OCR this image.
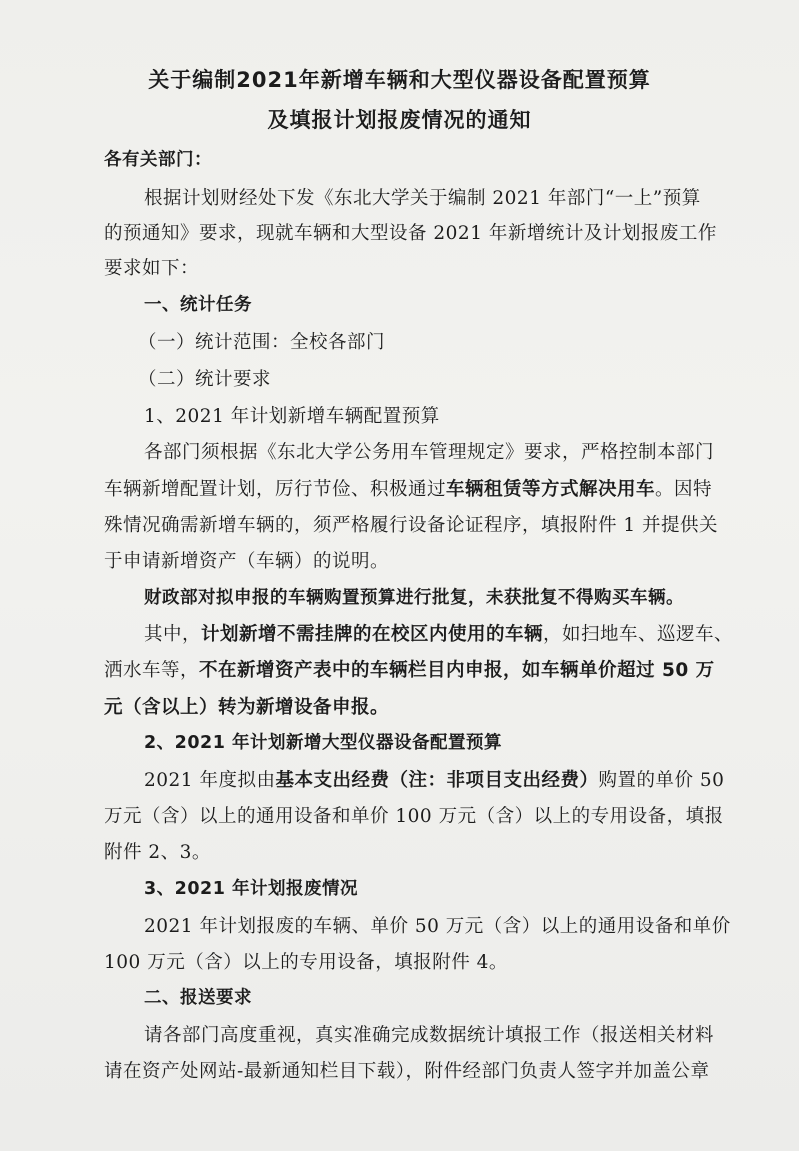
关于编制2021年新增车辆和大型仪器设备配置预算
及填报计划报废情况的通知
各有关部门：
根据计划财经处下发《东北大学关于编制 2021 年部门“一上”预算
的预通知》要求，现就车辆和大型设备 2021 年新增统计及计划报废工作
要求如下：
一、统计任务
（一）统计范围：全校各部门
（二）统计要求
1、2021 年计划新增车辆配置预算
各部门须根据《东北大学公务用车管理规定》要求，严格控制本部门
车辆新增配置计划，厉行节俭、积极通过车辆租赁等方式解决用车。因特
殊情况确需新增车辆的，须严格履行设备论证程序，填报附件 1 并提供关
于申请新增资产（车辆）的说明。
财政部对拟申报的车辆购置预算进行批复，未获批复不得购买车辆。
其中，计划新增不需挂牌的在校区内使用的车辆，如扫地车、巡逻车、
洒水车等，不在新增资产表中的车辆栏目内申报，如车辆单价超过 50 万
元（含以上）转为新增设备申报。
2、2021 年计划新增大型仪器设备配置预算
2021 年度拟由基本支出经费（注：非项目支出经费）购置的单价 50
万元（含）以上的通用设备和单价 100 万元（含）以上的专用设备，填报
附件 2、3。
3、2021 年计划报废情况
2021 年计划报废的车辆、单价 50 万元（含）以上的通用设备和单价
100 万元（含）以上的专用设备，填报附件 4。
二、报送要求
请各部门高度重视，真实准确完成数据统计填报工作（报送相关材料
请在资产处网站-最新通知栏目下载），附件经部门负责人签字并加盖公章
